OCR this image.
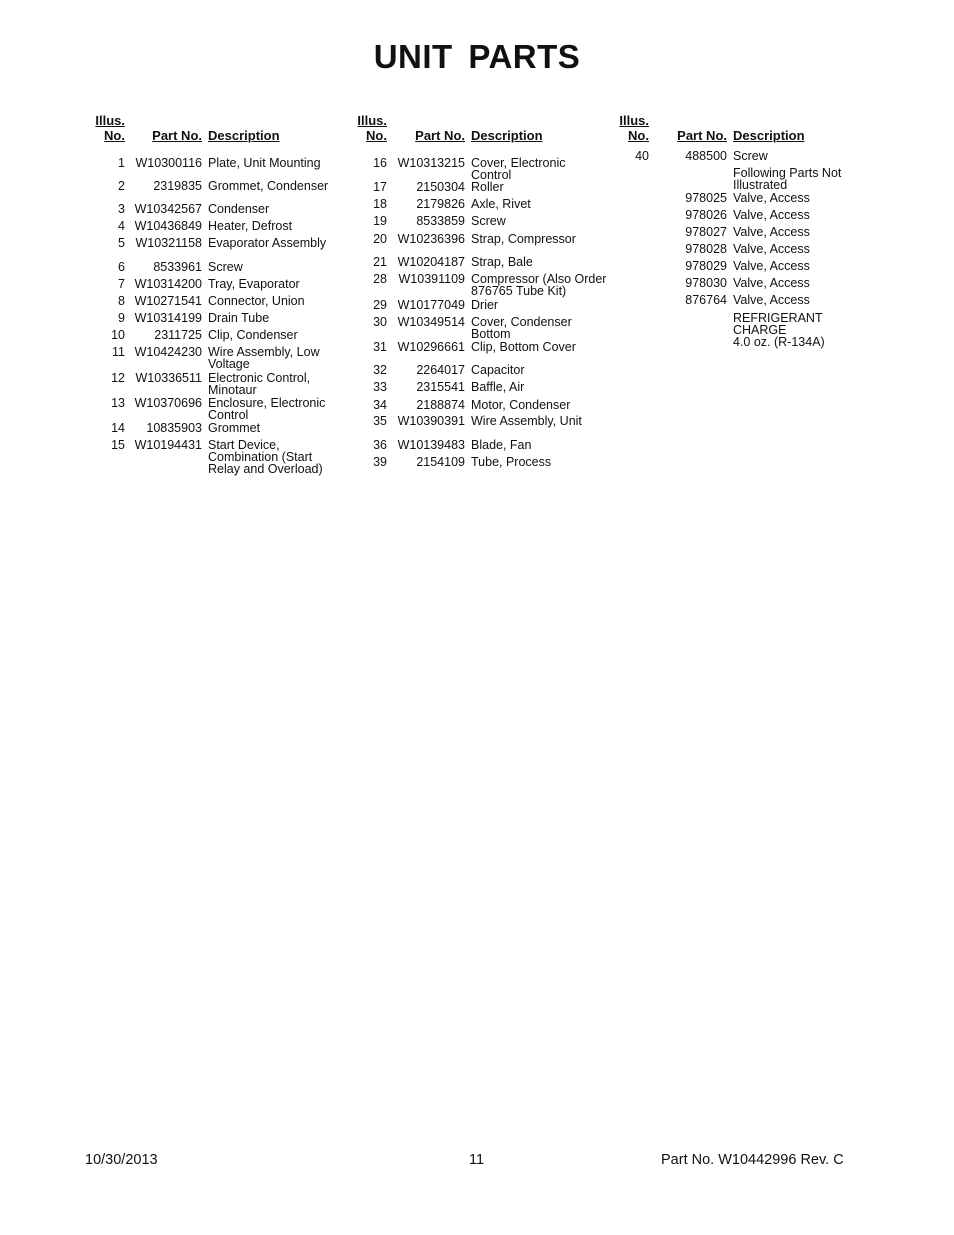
UNIT PARTS
Illus.
No.	Part No. Description
1 W10300116 Plate, Unit Mounting
2	2319835 Grommet, Condenser
3 W10342567 Condenser
4 W10436849 Heater, Defrost
5 W10321158 Evaporator Assembly
6	8533961 Screw
7 W10314200 Tray, Evaporator
8 W10271541 Connector, Union
9 W10314199 Drain Tube
10	2311725 Clip, Condenser
11 W10424230 Wire Assembly, Low
Voltage
12 W10336511 Electronic Control,
Minotaur
13 W10370696 Enclosure, Electronic
Control
14	10835903 Grommet
15 W10194431 Start Device,
Combination (Start
Relay and Overload)
Illus.
No.	Part No. Description
16 W10313215 Cover, Electronic
Control
17	2150304 Roller
18	2179826 Axle, Rivet
19	8533859 Screw
20 W10236396 Strap, Compressor
21 W10204187 Strap, Bale
28 W10391109 Compressor (Also Order
876765 Tube Kit)
29 W10177049 Drier
30 W10349514 Cover, Condenser
Bottom
31 W10296661 Clip, Bottom Cover
32	2264017 Capacitor
33	2315541 Baffle, Air
34	2188874 Motor, Condenser
35 W10390391 Wire Assembly, Unit
36 W10139483 Blade, Fan
39	2154109 Tube, Process
Illus.
No.	Part No. Description
40	488500 Screw
Following Parts Not
Illustrated
978025 Valve, Access
978026 Valve, Access
978027 Valve, Access
978028 Valve, Access
978029 Valve, Access
978030 Valve, Access
876764 Valve, Access
REFRIGERANT
CHARGE
4.0 oz. (R-134A)
10/30/2013	11	Part No. W10442996 Rev. C
